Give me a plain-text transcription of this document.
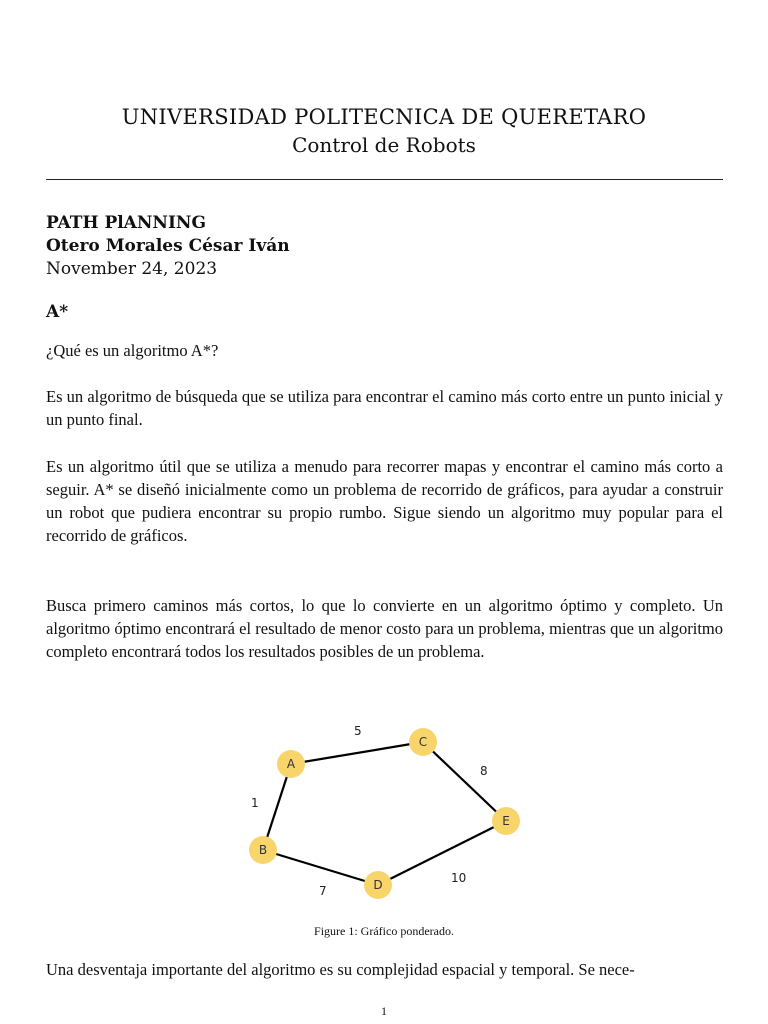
UNIVERSIDAD POLITECNICA DE QUERETARO
Control de Robots
PATH PlANNING
Otero Morales César Iván
November 24, 2023
A*
¿Qué es un algoritmo A*?
Es un algoritmo de búsqueda que se utiliza para encontrar el camino más corto entre un punto inicial y un punto final.
Es un algoritmo útil que se utiliza a menudo para recorrer mapas y encontrar el camino más corto a seguir. A* se diseñó inicialmente como un problema de recorrido de gráficos, para ayudar a construir un robot que pudiera encontrar su propio rumbo. Sigue siendo un algoritmo muy popular para el recorrido de gráficos.
Busca primero caminos más cortos, lo que lo convierte en un algoritmo óptimo y completo. Un algoritmo óptimo encontrará el resultado de menor costo para un problema, mientras que un algoritmo completo encontrará todos los resultados posibles de un problema.
5
8
1
7
10
A
B
C
D
E
Figure 1: Gráfico ponderado.
Una desventaja importante del algoritmo es su complejidad espacial y temporal. Se nece-
1
